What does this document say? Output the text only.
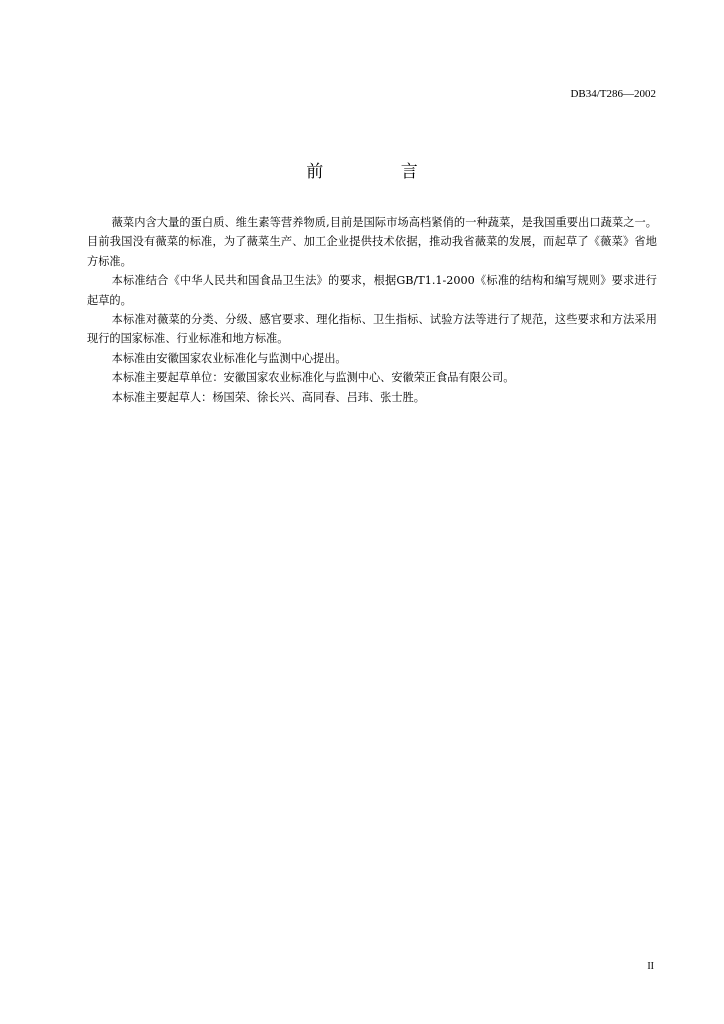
DB34/T286—2002
前 言

薇菜内含大量的蛋白质、维生素等营养物质,目前是国际市场高档紧俏的一种蔬菜，是我国重要出口蔬菜之一。目前我国没有薇菜的标准，为了薇菜生产、加工企业提供技术依据，推动我省薇菜的发展，而起草了《薇菜》省地方标准。

本标准结合《中华人民共和国食品卫生法》的要求，根据GB/T1.1-2000《标准的结构和编写规则》要求进行起草的。

本标准对薇菜的分类、分级、感官要求、理化指标、卫生指标、试验方法等进行了规范，这些要求和方法采用现行的国家标准、行业标准和地方标准。

本标准由安徽国家农业标准化与监测中心提出。

本标准主要起草单位：安徽国家农业标准化与监测中心、安徽荣正食品有限公司。

本标准主要起草人：杨国荣、徐长兴、高同春、吕玮、张士胜。

II
